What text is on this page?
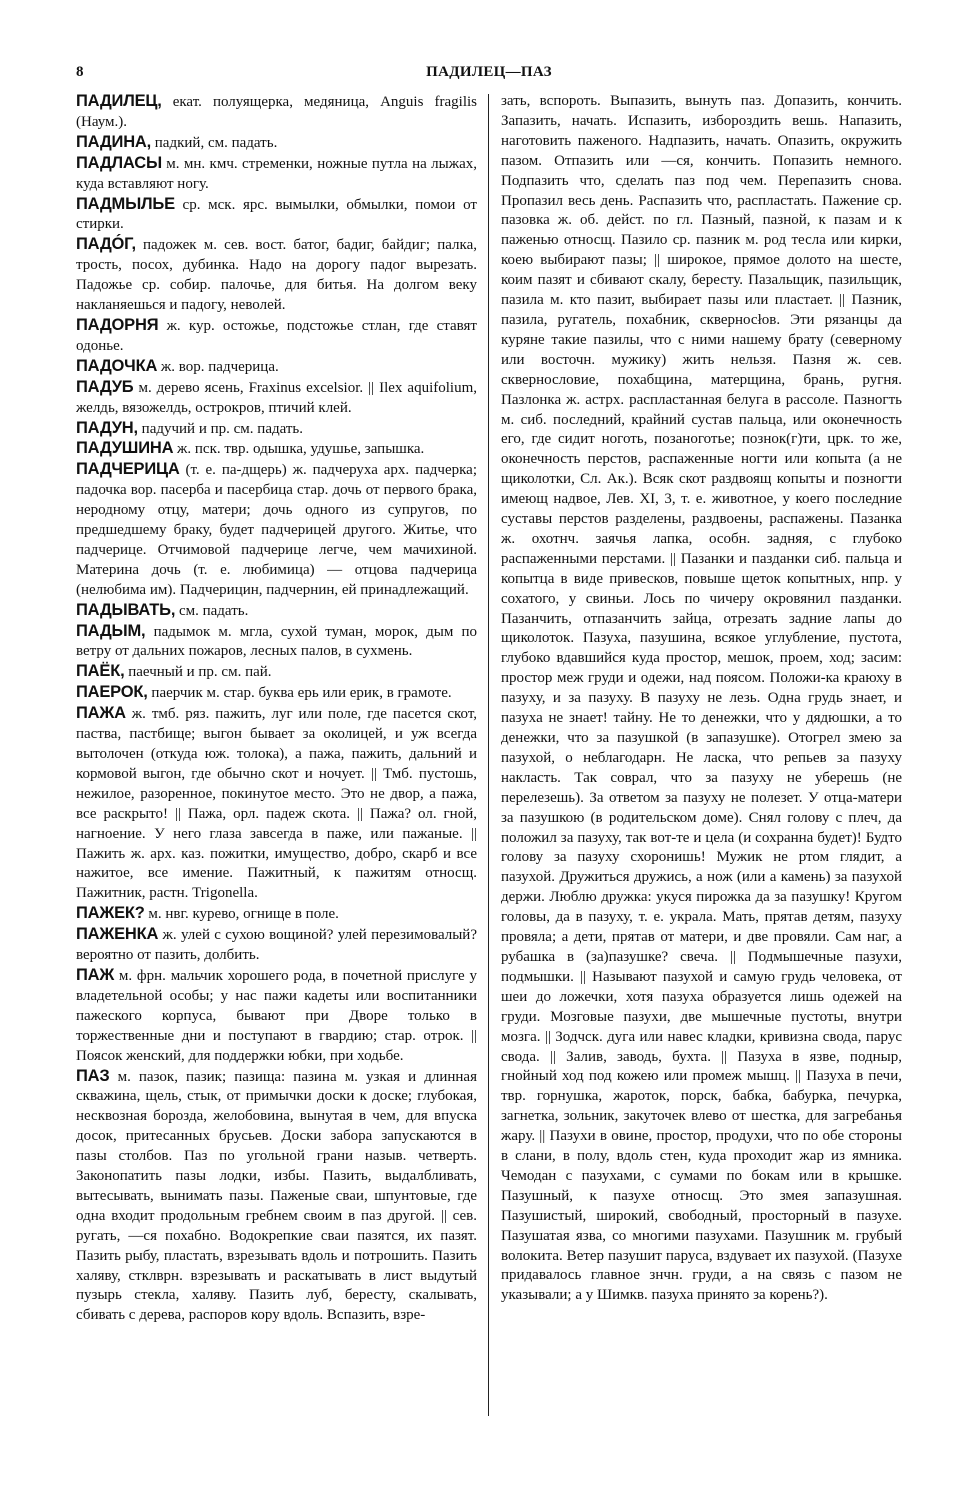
8	ПАДИЛЕЦ—ПАЗ

ПАДИЛЕЦ, екат. полуящерка, медяница, Anguis fragilis (Наум.).

ПАДИНА, падкий, см. падать.

ПАДЛАСЫ м. мн. кмч. стременки, ножные путла на лыжах, куда вставляют ногу.

ПАДМЫЛЬЕ ср. мск. ярс. вымылки, обмылки, помои от стирки.

ПАДÓГ, падожек м. сев. вост. батог, бадиг, байдиг; палка, трость, посох, дубинка. Надо на дорогу падог вырезать. Падожье ср. собир. палочье, для битья. На долгом веку накланяешься и падогу, неволей.

ПАДОРНЯ ж. кур. остожье, подстожье стлан, где ставят одонье.

ПАДОЧКА ж. вор. падчерица.

ПАДУБ м. дерево ясень, Fraxinus excelsior. || Ilex aquifolium, желдь, вязожелдь, острокров, птичий клей.

ПАДУН, падучий и пр. см. падать.

ПАДУШИНА ж. пск. твр. одышка, удушье, запышка.

ПАДЧЕРИЦА (т. е. па-дщерь) ж. падчеруха арх. падчерка; падочка вор. пасерба и пасербица стар. дочь от первого брака, неродному отцу, матери; дочь одного из супругов, по предшедшему браку, будет падчерицей другого. Житье, что падчерице. Отчимовой падчерице легче, чем мачихиной. Материна дочь (т. е. любимица) — отцова падчерица (нелюбима им). Падчерицин, падчернин, ей принадлежащий.

ПАДЫВАТЬ, см. падать.

ПАДЫМ, падымок м. мгла, сухой туман, морок, дым по ветру от дальних пожаров, лесных палов, в сухмень.

ПАЁК, паечный и пр. см. пай.

ПАЕРОК, паерчик м. стар. буква ерь или ерик, в грамоте.

ПАЖА ж. тмб. ряз. пажить, луг или поле, где пасется скот, паства, пастбище; выгон бывает за околицей, и уж всегда вытолочен (откуда юж. толока), а пажа, пажить, дальний и кормовой выгон, где обычно скот и ночует. || Тмб. пустошь, нежилое, разоренное, покинутое место. Это не двор, а пажа, все раскрыто! || Пажа, орл. падеж скота. || Пажа? ол. гной, нагноение. У него глаза завсегда в паже, или пажаные. || Пажить ж. арх. каз. пожитки, имущество, добро, скарб и все нажитое, все имение. Пажитный, к пажитям относщ. Пажитник, растн. Trigonella.

ПАЖЕК? м. нвг. курево, огнище в поле.

ПАЖЕНКА ж. улей с сухою вощиной? улей перезимовалый? вероятно от пазить, долбить.

ПАЖ м. фрн. мальчик хорошего рода, в почетной прислуге у владетельной особы; у нас пажи кадеты или воспитанники пажеского корпуса, бывают при Дворе только в торжественные дни и поступают в гвардию; стар. отрок. || Поясок женский, для поддержки юбки, при ходьбе.

ПАЗ м. пазок, пазик; пазища: пазина м. узкая и длинная скважина, щель, стык, от примычки доски к доске; глубокая, несквозная борозда, желобовина, вынутая в чем, для впуска досок, притесанных брусьев. Доски забора запускаются в пазы столбов. Паз по угольной грани назыв. четверть. Законопатить пазы лодки, избы. Пазить, выдалбливать, вытесывать, вынимать пазы. Паженые сваи, шпунтовые, где одна входит продольным гребнем своим в паз другой. || сев. ругать, —ся похабно. Водокрепкие сваи пазятся, их пазят. Пазить рыбу, пластать, взрезывать вдоль и потрошить. Пазить халяву, стклврн. взрезывать и раскатывать в лист выдутый пузырь стекла, халяву. Пазить луб, бересту, скалывать, сбивать с дерева, распоров кору вдоль. Вспазить, взре-

зать, вспороть. Выпазить, вынуть паз. Допазить, кончить. Запазить, начать. Испазить, избороздить вешь. Напазить, наготовить паженого. Надпазить, начать. Опазить, окружить пазом. Отпазить или —ся, кончить. Попазить немного. Подпазить что, сделать паз под чем. Перепазить снова. Пропазил весь день. Распазить что, распластать. Пажение ср. пазовка ж. об. дейст. по гл. Пазный, пазной, к пазам и к паженью относщ. Пазило ср. пазник м. род тесла или кирки, коею выбирают пазы; || широкое, прямое долото на шесте, коим пазят и сбивают скалу, бересту. Пазальщик, пазильщик, пазила м. кто пазит, выбирает пазы или пластает. || Пазник, пазила, ругатель, похабник, скверносłов. Эти рязанцы да куряне такие пазилы, что с ними нашему брату (северному или восточн. мужику) жить нельзя. Пазня ж. сев. сквернословие, похабщина, матерщина, брань, ругня. Пазлонка ж. астрх. распластанная белуга в рассоле. Пазногть м. сиб. последний, крайний сустав пальца, или оконечность его, где сидит ноготь, позаноготье; познок(г)ти, црк. то же, оконечность перстов, распаженные ногти или копыта (а не щиколотки, Сл. Ак.). Всяк скот раздвоящ копыты и позногти имеющ надвое, Лев. XI, 3, т. е. животное, у коего последние суставы перстов разделены, раздвоены, распажены. Пазанка ж. охотнч. заячья лапка, особн. задняя, с глубоко распаженными перстами. || Пазанки и пазданки сиб. пальца и копытца в виде привесков, повыше щеток копытных, нпр. у сохатого, у свиньи. Лось по чичеру окровянил пазданки. Пазанчить, отпазанчить зайца, отрезать задние лапы до щиколоток. Пазуха, пазушина, всякое углубление, пустота, глубоко вдавшийся куда простор, мешок, проем, ход; засим: простор меж груди и одежи, над поясом. Положи-ка краюху в пазуху, и за пазуху. В пазуху не лезь. Одна грудь знает, и пазуха не знает! тайну. Не то денежки, что у дядюшки, а то денежки, что за пазушкой (в запазушке). Отогрел змею за пазухой, о неблагодарн. Не ласка, что репьев за пазуху накласть. Так соврал, что за пазуху не уберешь (не перелезешь). За ответом за пазуху не полезет. У отца-матери за пазушкою (в родительском доме). Снял голову с плеч, да положил за пазуху, так вот-те и цела (и сохранна будет)! Будто голову за пазуху схоронишь! Мужик не ртом глядит, а пазухой. Дружиться дружись, а нож (или а камень) за пазухой держи. Люблю дружка: укуся пирожка да за пазушку! Кругом головы, да в пазуху, т. е. украла. Мать, прятав детям, пазуху провяла; а дети, прятав от матери, и две провяли. Сам наг, а рубашка в (за)пазушке? свеча. || Подмышечные пазухи, подмышки. || Называют пазухой и самую грудь человека, от шеи до ложечки, хотя пазуха образуется лишь одежей на груди. Мозговые пазухи, две мышечные пустоты, внутри мозга. || Зодчск. дуга или навес кладки, кривизна свода, парус свода. || Залив, заводь, бухта. || Пазуха в язве, подныр, гнойный ход под кожею или промеж мышц. || Пазуха в печи, твр. горнушка, жароток, порск, бабка, бабурка, печурка, загнетка, зольник, закуточек влево от шестка, для загребанья жару. || Пазухи в овине, простор, продухи, что по обе стороны в слани, в полу, вдоль стен, куда проходит жар из ямника. Чемодан с пазухами, с сумами по бокам или в крышке. Пазушный, к пазухе относщ. Это змея запазушная. Пазушистый, широкий, свободный, просторный в пазухе. Пазушатая язва, со многими пазухами. Пазушник м. грубый волокита. Ветер пазушит паруса, вздувает их пазухой. (Пазухе придавалось главное знчн. груди, а на связь с пазом не указывали; а у Шимкв. пазуха принято за корень?).
